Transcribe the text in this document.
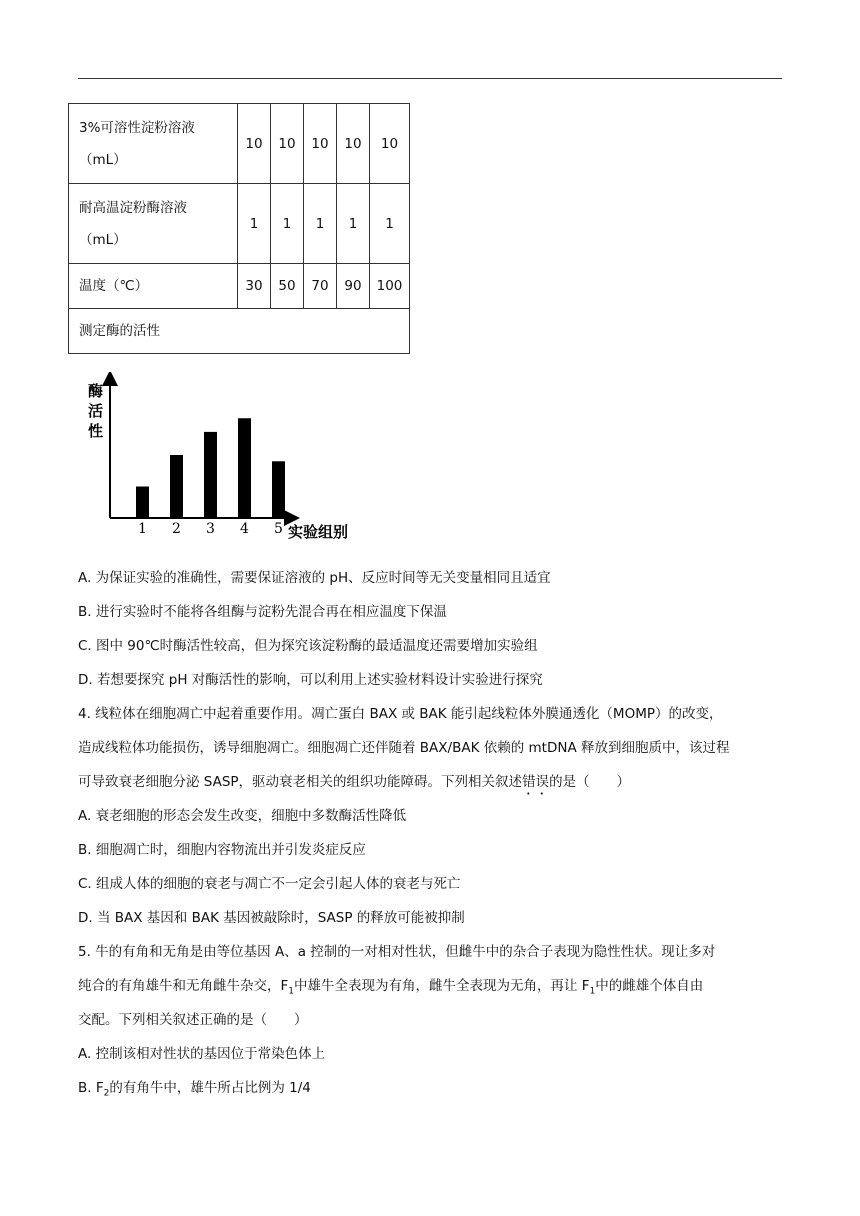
3%可溶性淀粉溶液
（mL）	10	10	10	10	10

耐高温淀粉酶溶液
（mL）	1	1	1	1	1
温度（℃）	30	50	70	90	100
测定酶的活性					
酶
活
性
1 2 3 4 5 实验组别
A. 为保证实验的准确性，需要保证溶液的 pH、反应时间等无关变量相同且适宜
B. 进行实验时不能将各组酶与淀粉先混合再在相应温度下保温
C. 图中 90℃时酶活性较高，但为探究该淀粉酶的最适温度还需要增加实验组
D. 若想要探究 pH 对酶活性的影响，可以利用上述实验材料设计实验进行探究
4. 线粒体在细胞凋亡中起着重要作用。凋亡蛋白 BAX 或 BAK 能引起线粒体外膜通透化（MOMP）的改变，
造成线粒体功能损伤，诱导细胞凋亡。细胞凋亡还伴随着 BAX/BAK 依赖的 mtDNA 释放到细胞质中，该过程
可导致衰老细胞分泌 SASP，驱动衰老相关的组织功能障碍。下列相关叙述错误的是（　　）
A. 衰老细胞的形态会发生改变，细胞中多数酶活性降低
B. 细胞凋亡时，细胞内容物流出并引发炎症反应
C. 组成人体的细胞的衰老与凋亡不一定会引起人体的衰老与死亡
D. 当 BAX 基因和 BAK 基因被敲除时，SASP 的释放可能被抑制
5. 牛的有角和无角是由等位基因 A、a 控制的一对相对性状，但雌牛中的杂合子表现为隐性性状。现让多对
纯合的有角雄牛和无角雌牛杂交，$F_1$中雄牛全表现为有角，雌牛全表现为无角，再让 $F_1$中的雌雄个体自由
交配。下列相关叙述正确的是（　　）
A. 控制该相对性状的基因位于常染色体上
B. $F_2$的有角牛中，雄牛所占比例为 1/4
